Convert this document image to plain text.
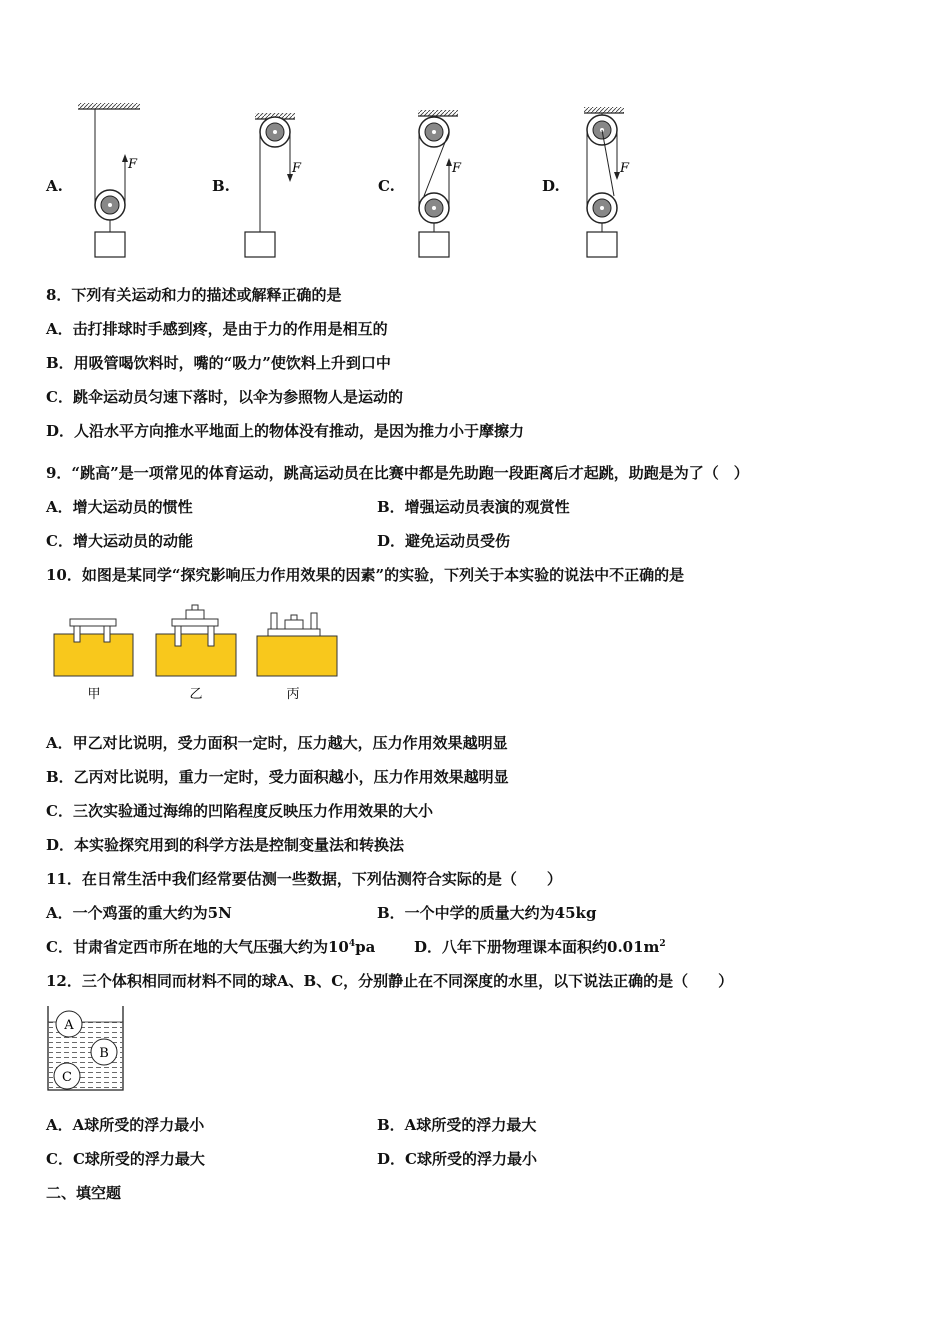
A.	B.	C.	D.
F	F	F	F
8．下列有关运动和力的描述或解释正确的是
A．击打排球时手感到疼，是由于力的作用是相互的
B．用吸管喝饮料时，嘴的“吸力”使饮料上升到口中
C．跳伞运动员匀速下落时，以伞为参照物人是运动的
D．人沿水平方向推水平地面上的物体没有推动，是因为推力小于摩擦力
9．“跳高”是一项常见的体育运动，跳高运动员在比赛中都是先助跑一段距离后才起跳，助跑是为了（　）
A．增大运动员的惯性	B．增强运动员表演的观赏性
C．增大运动员的动能	D．避免运动员受伤
10．如图是某同学“探究影响压力作用效果的因素”的实验，下列关于本实验的说法中不正确的是
甲	乙	丙
A．甲乙对比说明，受力面积一定时，压力越大，压力作用效果越明显
B．乙丙对比说明，重力一定时，受力面积越小，压力作用效果越明显
C．三次实验通过海绵的凹陷程度反映压力作用效果的大小
D．本实验探究用到的科学方法是控制变量法和转换法
11．在日常生活中我们经常要估测一些数据，下列估测符合实际的是（　　）
A．一个鸡蛋的重大约为5N	B．一个中学的质量大约为45kg
C．甘肃省定西市所在地的大气压强大约为$10^4pa$	D．八年下册物理课本面积约$0.01m^2$
12．三个体积相同而材料不同的球A、B、C，分别静止在不同深度的水里，以下说法正确的是（　　）
A
B
C
A．A球所受的浮力最小	B．A球所受的浮力最大
C．C球所受的浮力最大	D．C球所受的浮力最小
二、填空题
